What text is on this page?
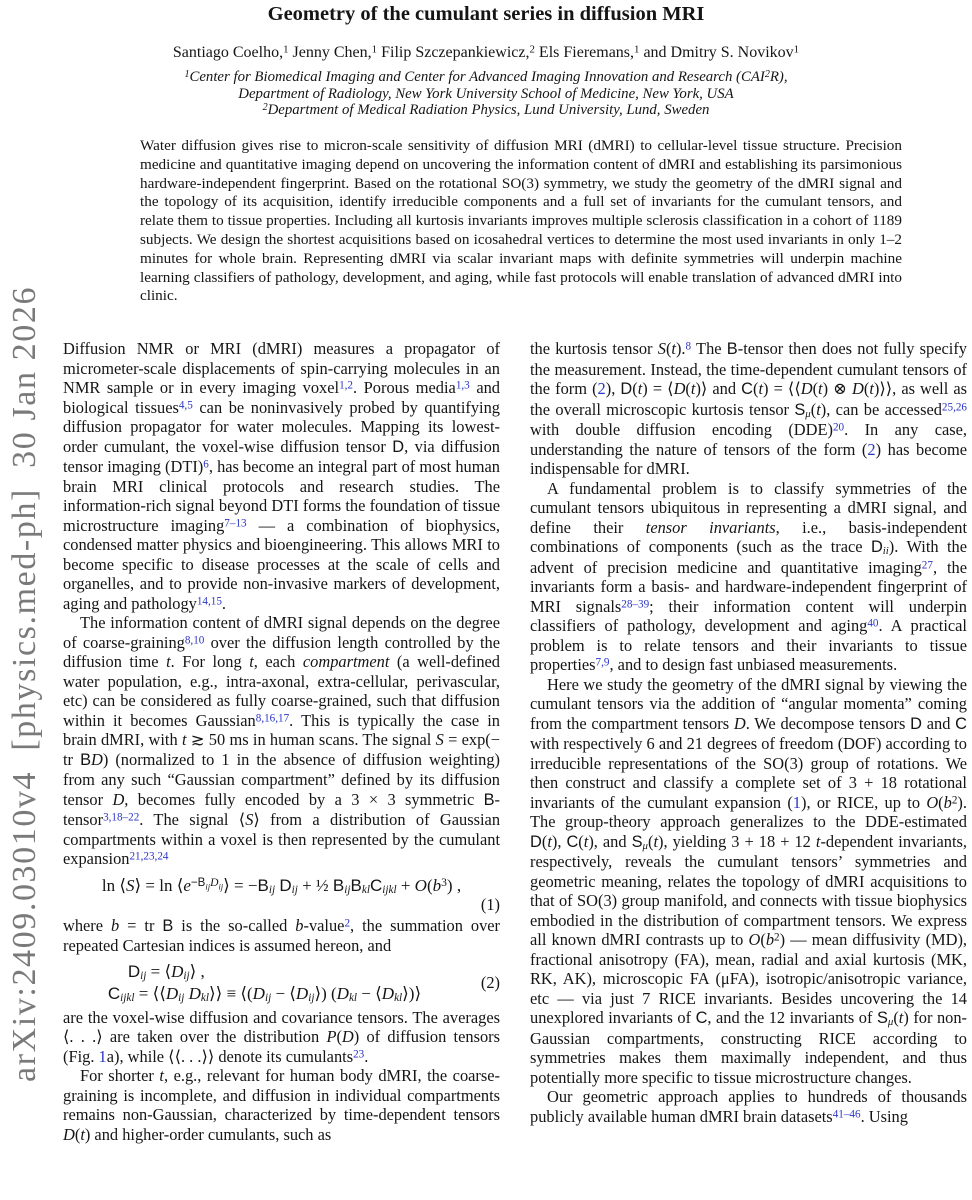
arXiv:2409.03010v4  [physics.med-ph]  30 Jan 2026
Geometry of the cumulant series in diffusion MRI
Santiago Coelho,$^1$ Jenny Chen,$^1$ Filip Szczepankiewicz,$^2$ Els Fieremans,$^1$ and Dmitry S. Novikov$^1$
$^1$Center for Biomedical Imaging and Center for Advanced Imaging Innovation and Research (CAI$^2$R),
Department of Radiology, New York University School of Medicine, New York, USA
$^2$Department of Medical Radiation Physics, Lund University, Lund, Sweden
Water diffusion gives rise to micron-scale sensitivity of diffusion MRI (dMRI) to cellular-level tissue structure. Precision medicine and quantitative imaging depend on uncovering the information content of dMRI and establishing its parsimonious hardware-independent fingerprint. Based on the rotational SO(3) symmetry, we study the geometry of the dMRI signal and the topology of its acquisition, identify irreducible components and a full set of invariants for the cumulant tensors, and relate them to tissue properties. Including all kurtosis invariants improves multiple sclerosis classification in a cohort of 1189 subjects. We design the shortest acquisitions based on icosahedral vertices to determine the most used invariants in only 1–2 minutes for whole brain. Representing dMRI via scalar invariant maps with definite symmetries will underpin machine learning classifiers of pathology, development, and aging, while fast protocols will enable translation of advanced dMRI into clinic.

Diffusion NMR or MRI (dMRI) measures a propagator of micrometer-scale displacements of spin-carrying molecules in an NMR sample or in every imaging voxel$^{1,2}$. Porous media$^{1,3}$ and biological tissues$^{4,5}$ can be noninvasively probed by quantifying diffusion propagator for water molecules. Mapping its lowest-order cumulant, the voxel-wise diffusion tensor D, via diffusion tensor imaging (DTI)$^6$, has become an integral part of most human brain MRI clinical protocols and research studies. The information-rich signal beyond DTI forms the foundation of tissue microstructure imaging$^{7-13}$ — a combination of biophysics, condensed matter physics and bioengineering. This allows MRI to become specific to disease processes at the scale of cells and organelles, and to provide non-invasive markers of development, aging and pathology$^{14,15}$.

The information content of dMRI signal depends on the degree of coarse-graining$^{8,10}$ over the diffusion length controlled by the diffusion time t. For long t, each compartment (a well-defined water population, e.g., intra-axonal, extra-cellular, perivascular, etc) can be considered as fully coarse-grained, such that diffusion within it becomes Gaussian$^{8,16,17}$. This is typically the case in brain dMRI, with t ≳ 50 ms in human scans. The signal S = exp(− tr BD) (normalized to 1 in the absence of diffusion weighting) from any such “Gaussian compartment” defined by its diffusion tensor D, becomes fully encoded by a 3 × 3 symmetric B-tensor$^{3,18-22}$. The signal ⟨S⟩ from a distribution of Gaussian compartments within a voxel is then represented by the cumulant expansion$^{21,23,24}$

ln ⟨S⟩ = $\ln ⟨e^{-B}ij^Dij⟩ = -Bij$ Dij + ½ BijBklCijkl + $O(b^3)$ ,
(1)

where b = tr B is the so-called b-value$^2$, the summation over repeated Cartesian indices is assumed hereon, and

Dij = ⟨Dij⟩ ,
Cijkl = ⟨⟨Dij Dkl⟩⟩ ≡ ⟨(Dij − ⟨Dij⟩) (Dkl − ⟨Dkl⟩)⟩
(2)

are the voxel-wise diffusion and covariance tensors. The averages ⟨. . .⟩ are taken over the distribution P(D) of diffusion tensors (Fig. 1a), while ⟨⟨. . .⟩⟩ denote its cumulants$^{23}$.

For shorter t, e.g., relevant for human body dMRI, the coarse-graining is incomplete, and diffusion in individual compartments remains non-Gaussian, characterized by time-dependent tensors D(t) and higher-order cumulants, such as

the kurtosis tensor S(t).$^8$ The B-tensor then does not fully specify the measurement. Instead, the time-dependent cumulant tensors of the form (2), D(t) = ⟨D(t)⟩ and C(t) = ⟨⟨D(t) ⊗ D(t)⟩⟩, as well as the overall microscopic kurtosis tensor Sμ(t), can be accessed$^{25,26}$ with double diffusion encoding (DDE)$^{20}$. In any case, understanding the nature of tensors of the form (2) has become indispensable for dMRI.

A fundamental problem is to classify symmetries of the cumulant tensors ubiquitous in representing a dMRI signal, and define their tensor invariants, i.e., basis-independent combinations of components (such as the trace Dii). With the advent of precision medicine and quantitative imaging$^{27}$, the invariants form a basis- and hardware-independent fingerprint of MRI signals$^{28-39}$; their information content will underpin classifiers of pathology, development and aging$^{40}$. A practical problem is to relate tensors and their invariants to tissue properties$^{7,9}$, and to design fast unbiased measurements.

Here we study the geometry of the dMRI signal by viewing the cumulant tensors via the addition of “angular momenta” coming from the compartment tensors D. We decompose tensors D and C with respectively 6 and 21 degrees of freedom (DOF) according to irreducible representations of the SO(3) group of rotations. We then construct and classify a complete set of 3 + 18 rotational invariants of the cumulant expansion (1), or RICE, up to $O(b^2)$. The group-theory approach generalizes to the DDE-estimated D(t), C(t), and Sμ(t), yielding 3 + 18 + 12 t-dependent invariants, respectively, reveals the cumulant tensors’ symmetries and geometric meaning, relates the topology of dMRI acquisitions to that of SO(3) group manifold, and connects with tissue biophysics embodied in the distribution of compartment tensors. We express all known dMRI contrasts up to $O(b^2)$ — mean diffusivity (MD), fractional anisotropy (FA), mean, radial and axial kurtosis (MK, RK, AK), microscopic FA (μFA), isotropic/anisotropic variance, etc — via just 7 RICE invariants. Besides uncovering the 14 unexplored invariants of C, and the 12 invariants of Sμ(t) for non-Gaussian compartments, constructing RICE according to symmetries makes them maximally independent, and thus potentially more specific to tissue microstructure changes.

Our geometric approach applies to hundreds of thousands publicly available human dMRI brain datasets$^{41-46}$. Using
